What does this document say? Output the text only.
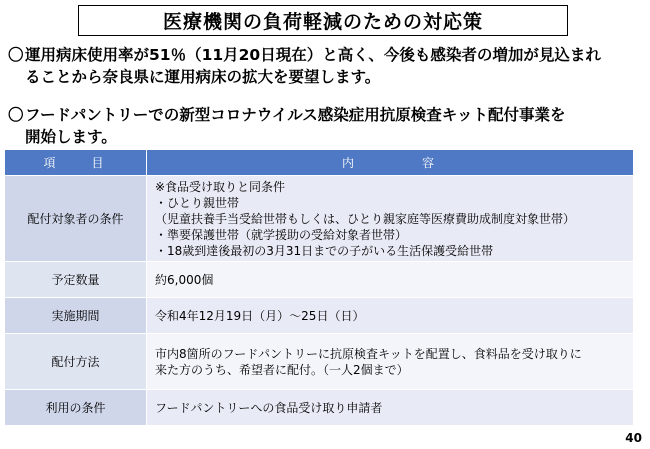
医療機関の負荷軽減のための対応策
〇 運用病床使用率が51％（11月20日現在）と高く、今後も感染者の増加が見込まれ
ることから奈良県に運用病床の拡大を要望します。
〇 フードパントリーでの新型コロナウイルス感染症用抗原検査キット配付事業を
開始します。
項　　目	内　　　　容
配付対象者の条件	※食品受け取りと同条件
・ひとり親世帯
（児童扶養手当受給世帯もしくは、ひとり親家庭等医療費助成制度対象世帯）
・準要保護世帯（就学援助の受給対象者世帯）
・18歳到達後最初の3月31日までの子がいる生活保護受給世帯

予定数量	約6,000個

実施期間	令和4年12月19日（月）～25日（日）

配付方法	市内8箇所のフードパントリーに抗原検査キットを配置し、食料品を受け取りに
来た方のうち、希望者に配付。（一人2個まで）

利用の条件	フードパントリーへの食品受け取り申請者
40
